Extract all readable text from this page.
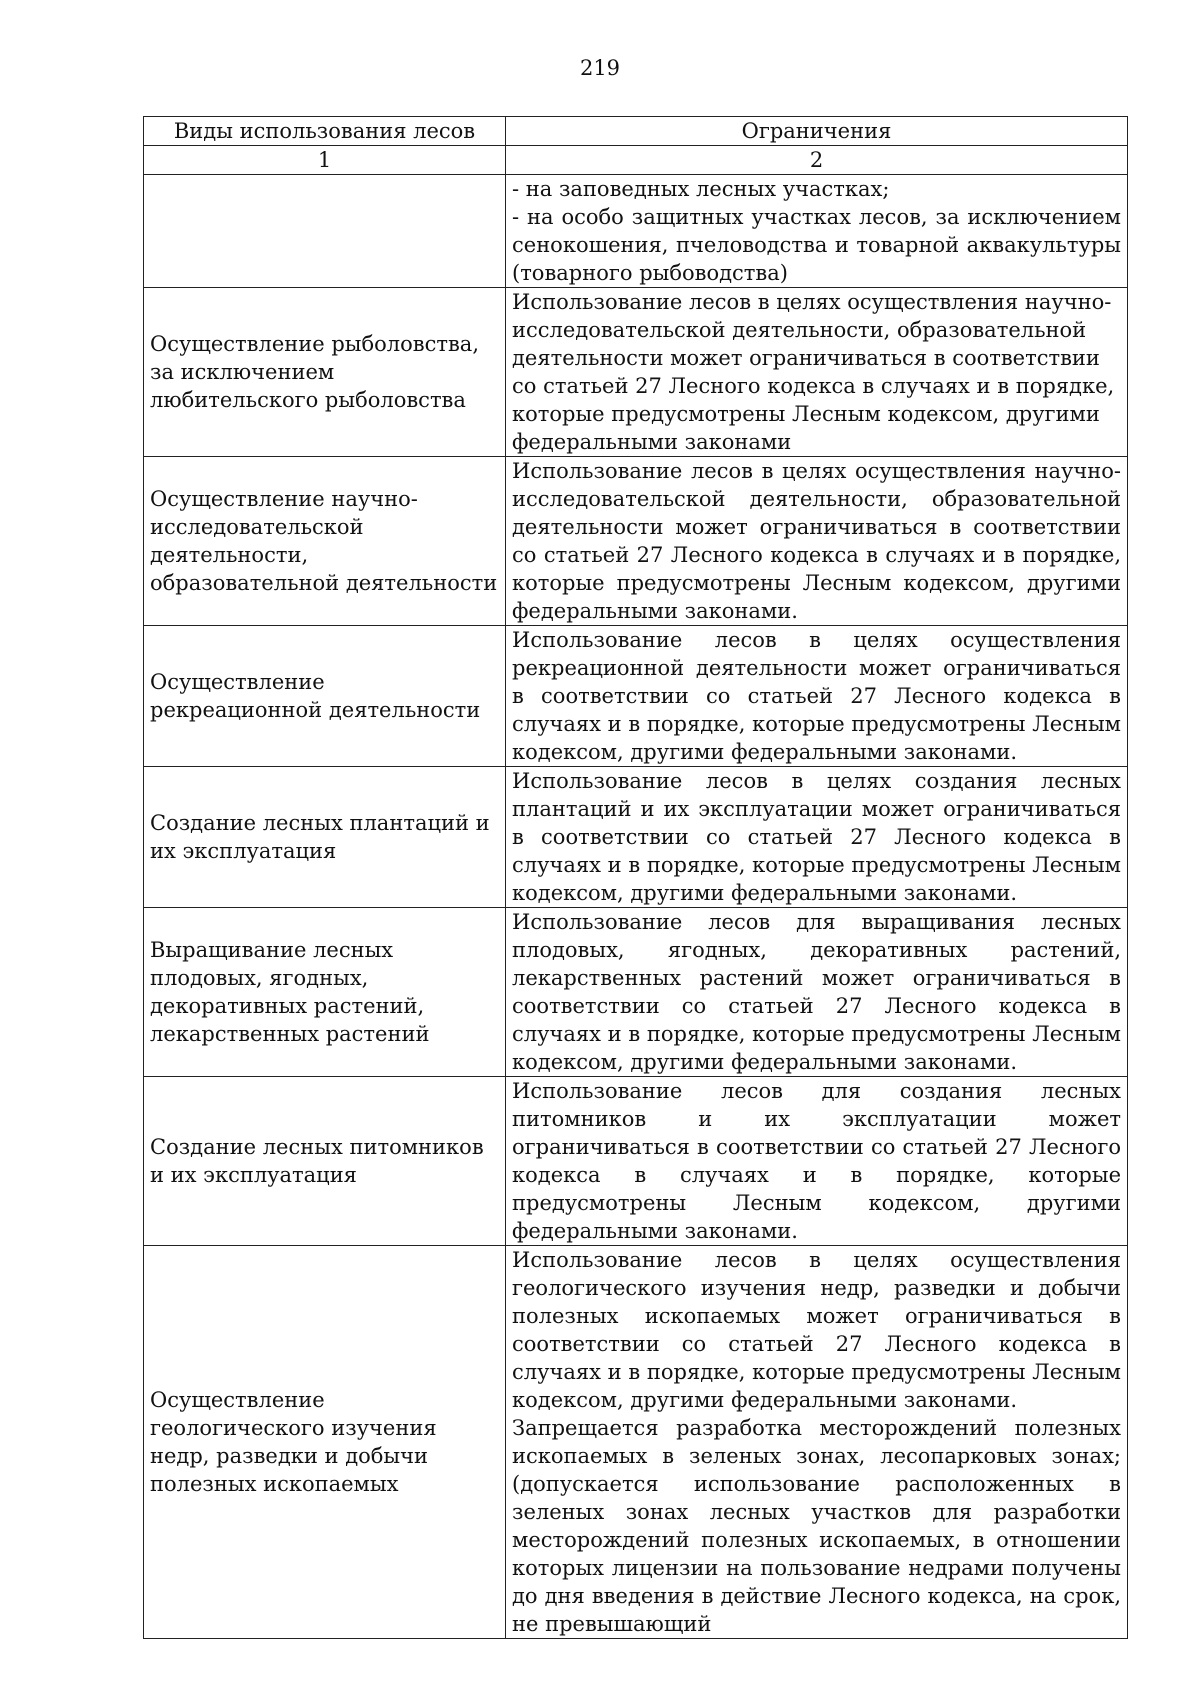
219
Виды использования лесов	Ограничения
1	2

	- на заповедных лесных участках;

- на особо защитных участках лесов, за исключением сенокошения, пчеловодства и товарной аквакультуры (товарного рыбоводства)

Осуществление рыболовства, за исключением любительского рыболовства	Использование лесов в целях осуществления научно-исследовательской деятельности, образовательной деятельности может ограничиваться в соответствии со статьей 27 Лесного кодекса в случаях и в порядке, которые предусмотрены Лесным кодексом, другими федеральными законами

Осуществление научно-исследовательской деятельности, образовательной деятельности	Использование лесов в целях осуществления научно-исследовательской деятельности, образовательной деятельности может ограничиваться в соответствии со статьей 27 Лесного кодекса в случаях и в порядке, которые предусмотрены Лесным кодексом, другими федеральными законами.

Осуществление рекреационной деятельности	Использование лесов в целях осуществления рекреационной деятельности может ограничиваться в соответствии со статьей 27 Лесного кодекса в случаях и в порядке, которые предусмотрены Лесным кодексом, другими федеральными законами.

Создание лесных плантаций и их эксплуатация	Использование лесов в целях создания лесных плантаций и их эксплуатации может ограничиваться в соответствии со статьей 27 Лесного кодекса в случаях и в порядке, которые предусмотрены Лесным кодексом, другими федеральными законами.

Выращивание лесных плодовых, ягодных, декоративных растений, лекарственных растений	Использование лесов для выращивания лесных плодовых, ягодных, декоративных растений, лекарственных растений может ограничиваться в соответствии со статьей 27 Лесного кодекса в случаях и в порядке, которые предусмотрены Лесным кодексом, другими федеральными законами.

Создание лесных питомников и их эксплуатация	Использование лесов для создания лесных питомников и их эксплуатации может ограничиваться в соответствии со статьей 27 Лесного кодекса в случаях и в порядке, которые предусмотрены Лесным кодексом, другими федеральными законами.

Осуществление геологического изучения недр, разведки и добычи полезных ископаемых	Использование лесов в целях осуществления геологического изучения недр, разведки и добычи полезных ископаемых может ограничиваться в соответствии со статьей 27 Лесного кодекса в случаях и в порядке, которые предусмотрены Лесным кодексом, другими федеральными законами.

Запрещается разработка месторождений полезных ископаемых в зеленых зонах, лесопарковых зонах; (допускается использование расположенных в зеленых зонах лесных участков для разработки месторождений полезных ископаемых, в отношении которых лицензии на пользование недрами получены до дня введения в действие Лесного кодекса, на срок, не превышающий
